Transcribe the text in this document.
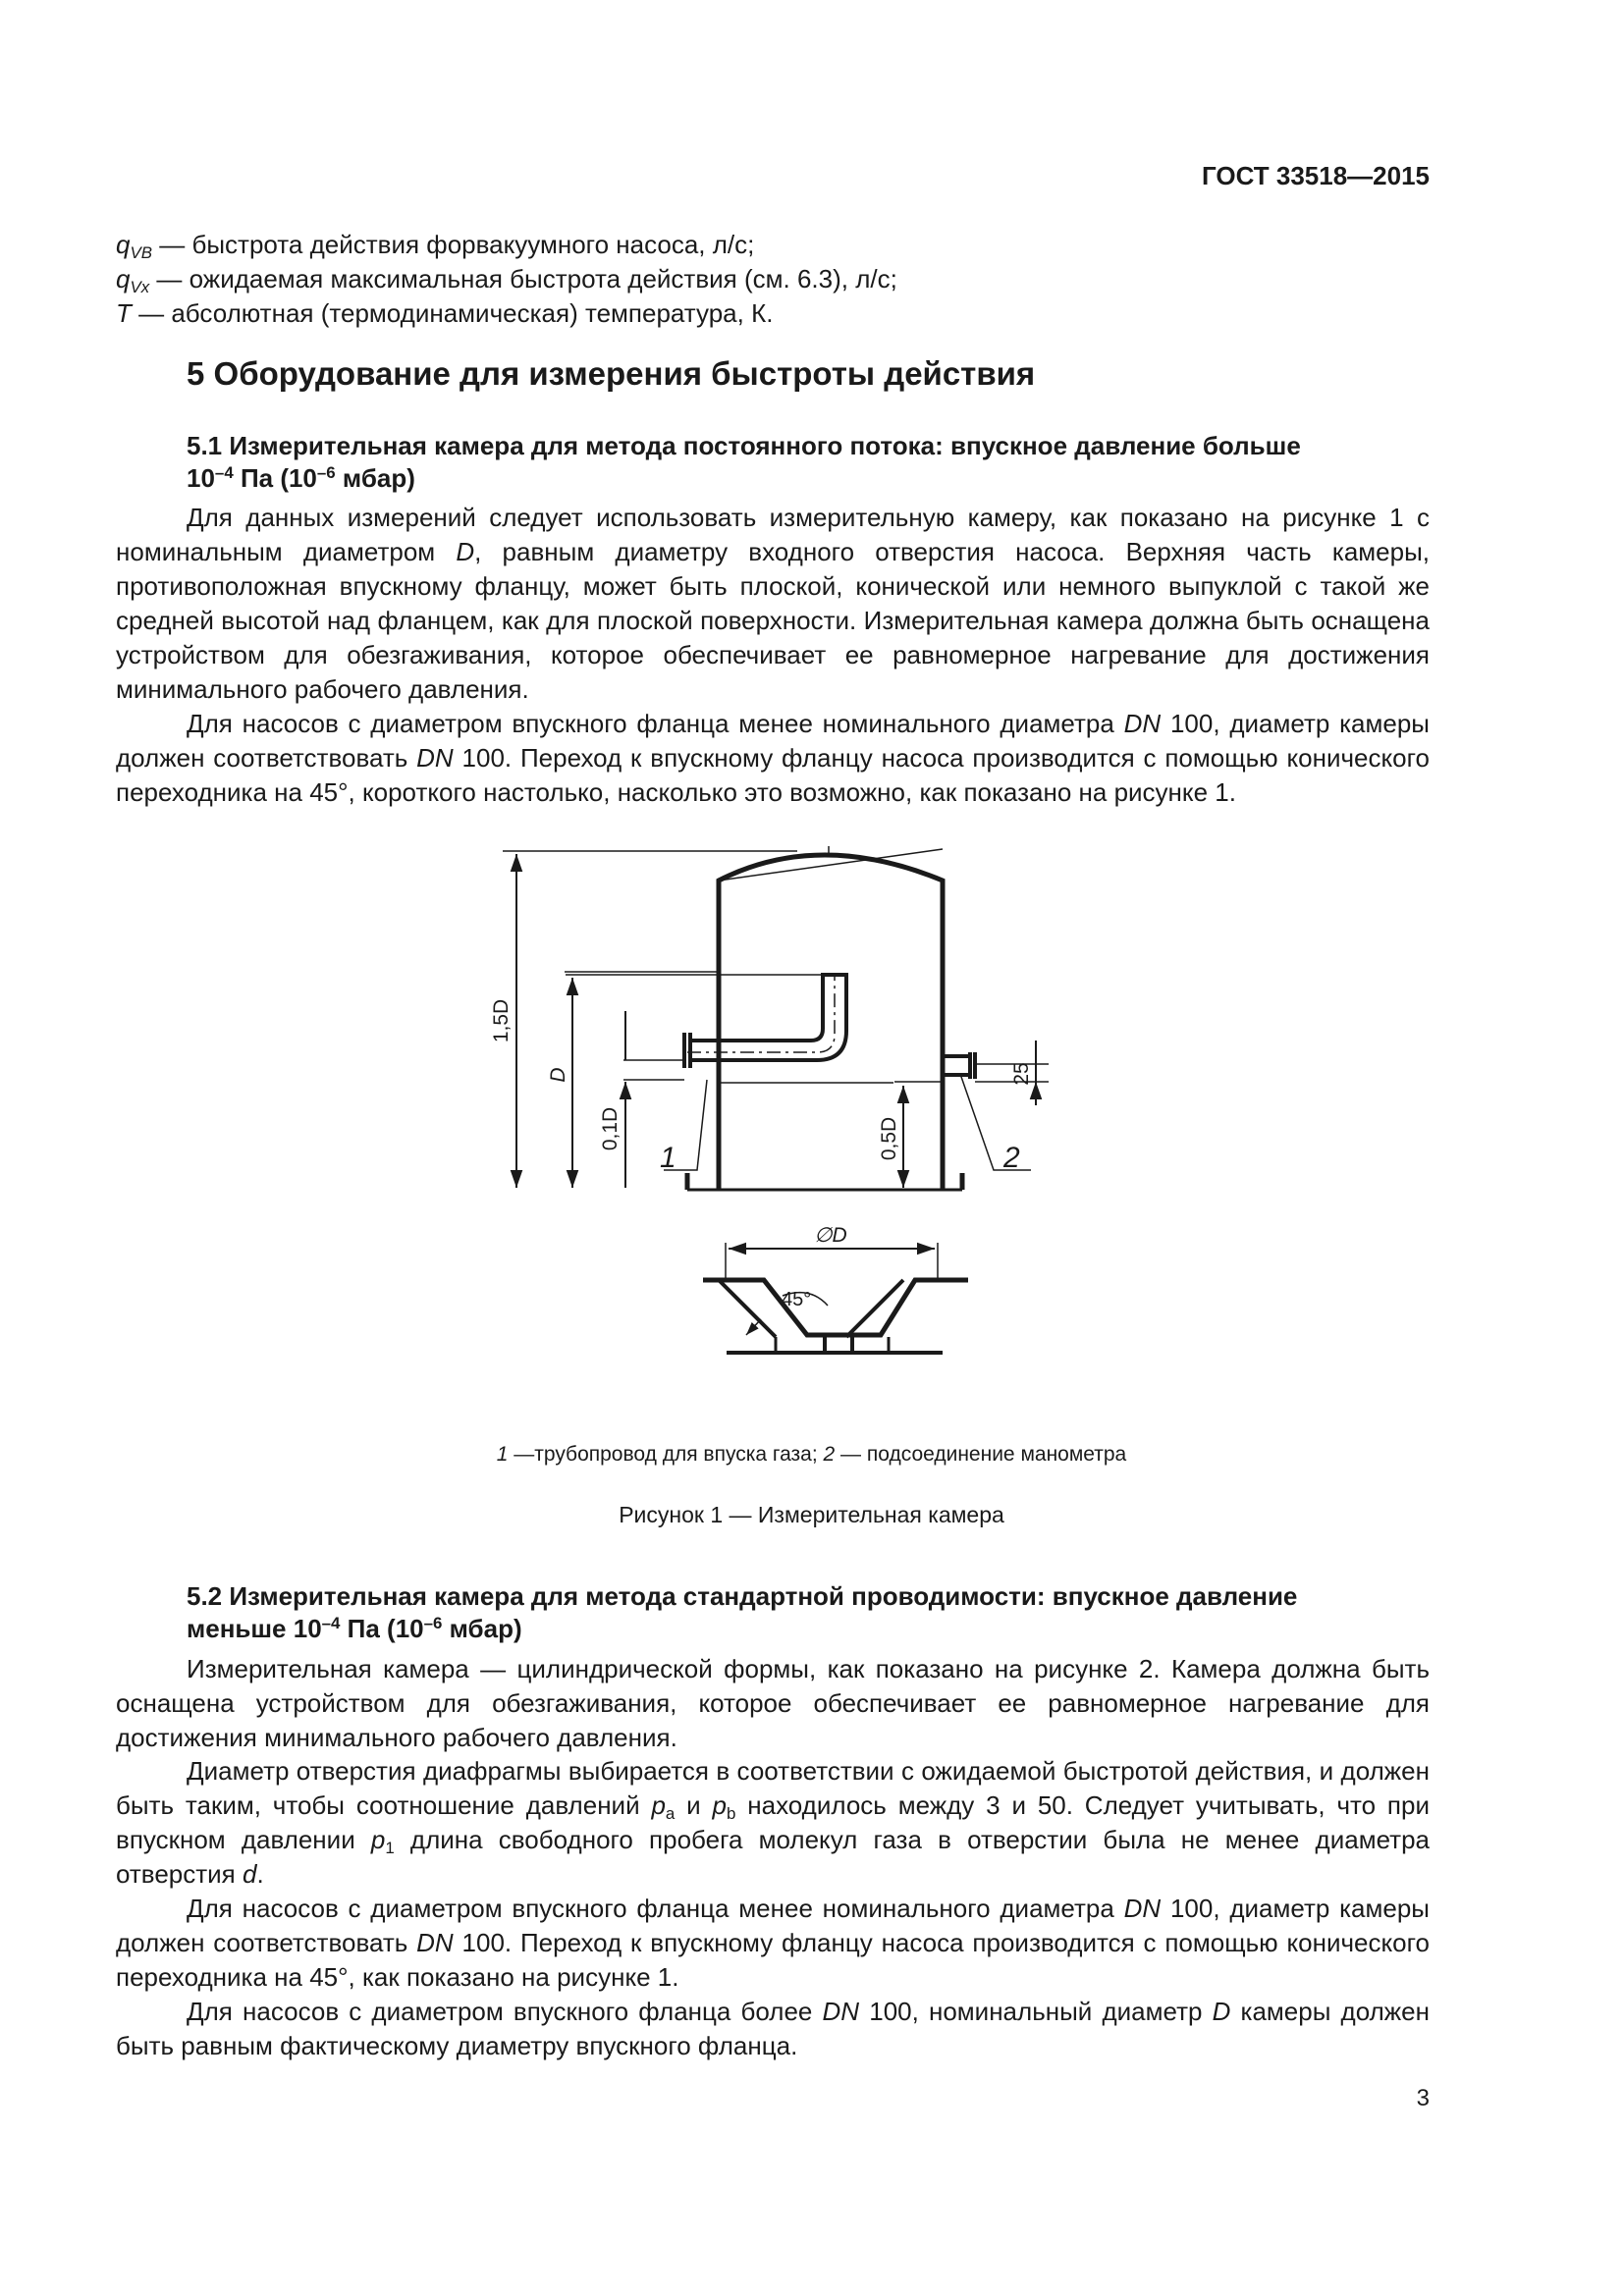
ГОСТ 33518—2015

$q_{VB}$ — быстрота действия форвакуумного насоса, л/с;

$q_{Vx}$ — ожидаемая максимальная быстрота действия (см. 6.3), л/с;

T — абсолютная (термодинамическая) температура, К.

5 Оборудование для измерения быстроты действия
5.1 Измерительная камера для метода постоянного потока: впускное давление больше
$10^{-4}$ Па ($10^{-6}$ мбар)

Для данных измерений следует использовать измерительную камеру, как показано на рисунке 1 с номинальным диаметром D, равным диаметру входного отверстия насоса. Верхняя часть камеры, противоположная впускному фланцу, может быть плоской, конической или немного выпуклой с такой же средней высотой над фланцем, как для плоской поверхности. Измерительная камера должна быть оснащена устройством для обезгаживания, которое обеспечивает ее равномерное нагревание для достижения минимального рабочего давления.

Для насосов с диаметром впускного фланца менее номинального диаметра DN 100, диаметр камеры должен соответствовать DN 100. Переход к впускному фланцу насоса производится с помощью конического переходника на 45°, короткого настолько, насколько это возможно, как показано на рисунке 1.

1,5D
D
0,1D	0,5D
25
∅D
45°
1	2
1 —трубопровод для впуска газа; 2 — подсоединение манометра
Рисунок 1 — Измерительная камера
5.2 Измерительная камера для метода стандартной проводимости: впускное давление
меньше $10^{-4}$ Па ($10^{-6}$ мбар)

Измерительная камера — цилиндрической формы, как показано на рисунке 2. Камера должна быть оснащена устройством для обезгаживания, которое обеспечивает ее равномерное нагревание для достижения минимального рабочего давления.

Диаметр отверстия диафрагмы выбирается в соответствии с ожидаемой быстротой действия, и должен быть таким, чтобы соотношение давлений $p_a$ и $p_b$ находилось между 3 и 50. Следует учитывать, что при впускном давлении $p_1$ длина свободного пробега молекул газа в отверстии была не менее диаметра отверстия d.

Для насосов с диаметром впускного фланца менее номинального диаметра DN 100, диаметр камеры должен соответствовать DN 100. Переход к впускному фланцу насоса производится с помощью конического переходника на 45°, как показано на рисунке 1.

Для насосов с диаметром впускного фланца более DN 100, номинальный диаметр D камеры должен быть равным фактическому диаметру впускного фланца.

3
